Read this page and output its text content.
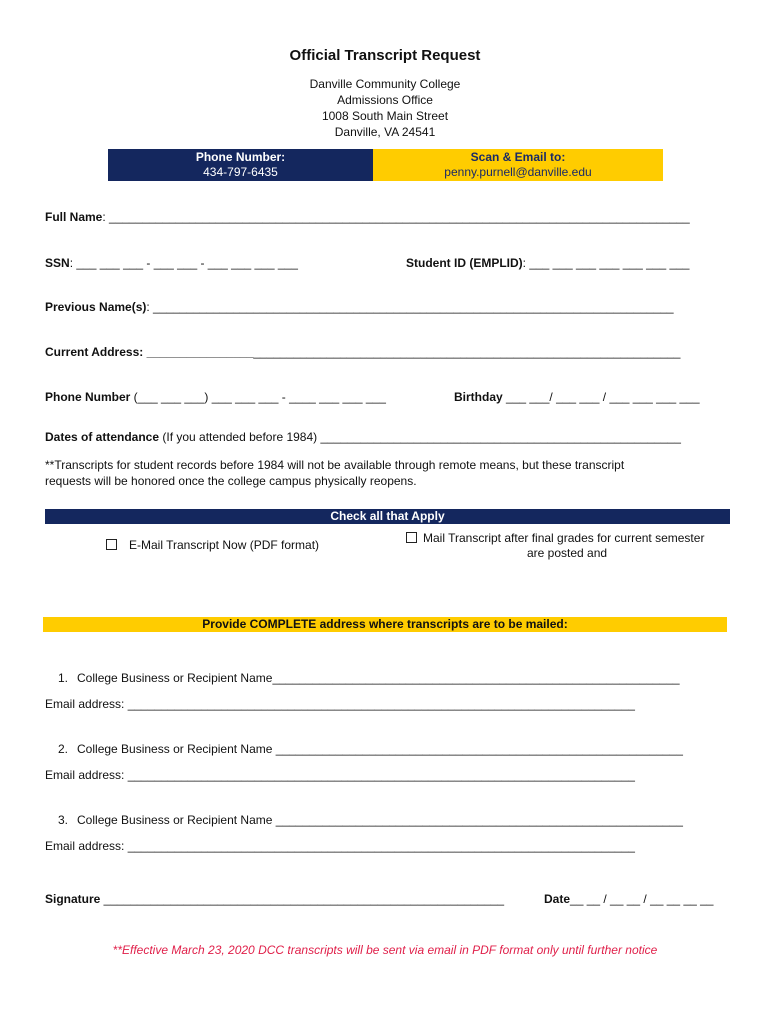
Official Transcript Request
Danville Community College
Admissions Office
1008 South Main Street
Danville, VA 24541
Phone Number:
434-797-6435
Scan & Email to:
penny.purnell@danville.edu
Full Name: _______________________________________________________________________________________
SSN: ___ ___ ___ - ___ ___ - ___ ___ ___ ___	Student ID (EMPLID): ___ ___ ___ ___ ___ ___ ___
Previous Name(s): ______________________________________________________________________________
Current Address: ________________________________________________________________________________
Phone Number (___ ___ ___) ___ ___ ___ - ____ ___ ___ ___	Birthday ___ ___/ ___ ___ / ___ ___ ___ ___
Dates of attendance (If you attended before 1984) ______________________________________________________
**Transcripts for student records before 1984 will not be available through remote means, but these transcript
requests will be honored once the college campus physically reopens.
Check all that Apply
E-Mail Transcript Now (PDF format)	Mail Transcript after final grades for current semester
are posted and
Provide COMPLETE address where transcripts are to be mailed:
1. College Business or Recipient Name_____________________________________________________________
Email address: ____________________________________________________________________________
2. College Business or Recipient Name _____________________________________________________________
Email address: ____________________________________________________________________________
3. College Business or Recipient Name _____________________________________________________________
Email address: ____________________________________________________________________________
Signature ____________________________________________________________	Date__ __ / __ __ / __ __ __ __
**Effective March 23, 2020 DCC transcripts will be sent via email in PDF format only until further notice
